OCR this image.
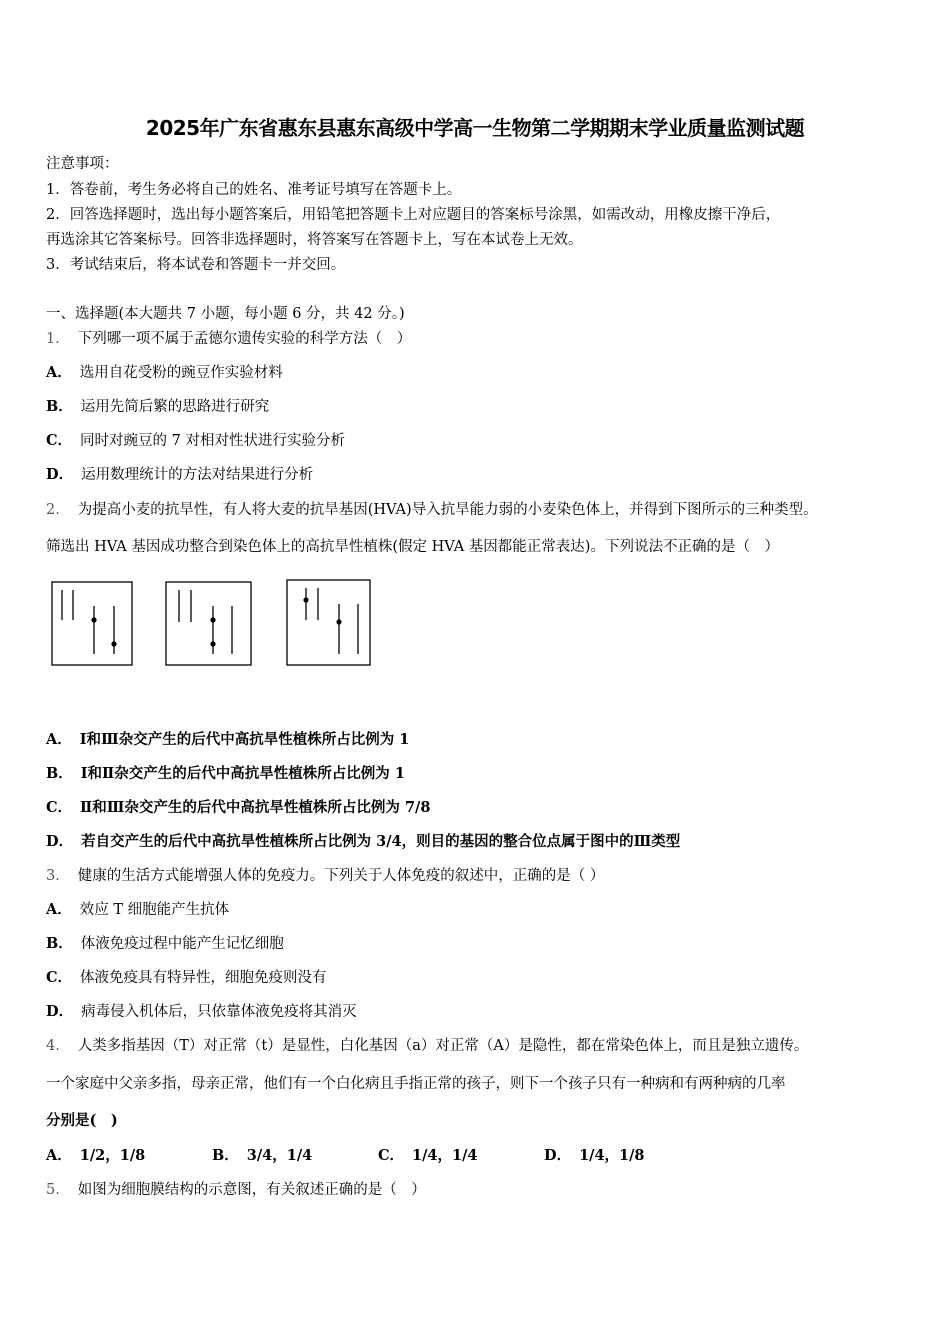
2025年广东省惠东县惠东高级中学高一生物第二学期期末学业质量监测试题
注意事项：
1．答卷前，考生务必将自己的姓名、准考证号填写在答题卡上。
2．回答选择题时，选出每小题答案后，用铅笔把答题卡上对应题目的答案标号涂黑，如需改动，用橡皮擦干净后，
再选涂其它答案标号。回答非选择题时，将答案写在答题卡上，写在本试卷上无效。
3．考试结束后，将本试卷和答题卡一并交回。
一、选择题(本大题共 7 小题，每小题 6 分，共 42 分。)
1． 下列哪一项不属于孟德尔遗传实验的科学方法（　）
A． 选用自花受粉的豌豆作实验材料
B． 运用先简后繁的思路进行研究
C． 同时对豌豆的 7 对相对性状进行实验分析
D． 运用数理统计的方法对结果进行分析
2． 为提高小麦的抗旱性，有人将大麦的抗旱基因(HVA)导入抗旱能力弱的小麦染色体上，并得到下图所示的三种类型。
筛选出 HVA 基因成功整合到染色体上的高抗旱性植株(假定 HVA 基因都能正常表达)。下列说法不正确的是（　）
A． Ⅰ和Ⅲ杂交产生的后代中高抗旱性植株所占比例为 1
B． Ⅰ和Ⅱ杂交产生的后代中高抗旱性植株所占比例为 1
C． Ⅱ和Ⅲ杂交产生的后代中高抗旱性植株所占比例为 7/8
D． 若自交产生的后代中高抗旱性植株所占比例为 3/4，则目的基因的整合位点属于图中的Ⅲ类型
3． 健康的生活方式能增强人体的免疫力。下列关于人体免疫的叙述中，正确的是（ ）
A． 效应 T 细胞能产生抗体
B． 体液免疫过程中能产生记忆细胞
C． 体液免疫具有特异性，细胞免疫则没有
D． 病毒侵入机体后，只依靠体液免疫将其消灭
4． 人类多指基因（T）对正常（t）是显性，白化基因（a）对正常（A）是隐性，都在常染色体上，而且是独立遗传。
一个家庭中父亲多指，母亲正常，他们有一个白化病且手指正常的孩子，则下一个孩子只有一种病和有两种病的几率
分别是(　)
A． 1/2，1/8	B． 3/4，1/4	C． 1/4，1/4	D． 1/4，1/8
5． 如图为细胞膜结构的示意图，有关叙述正确的是（　）
